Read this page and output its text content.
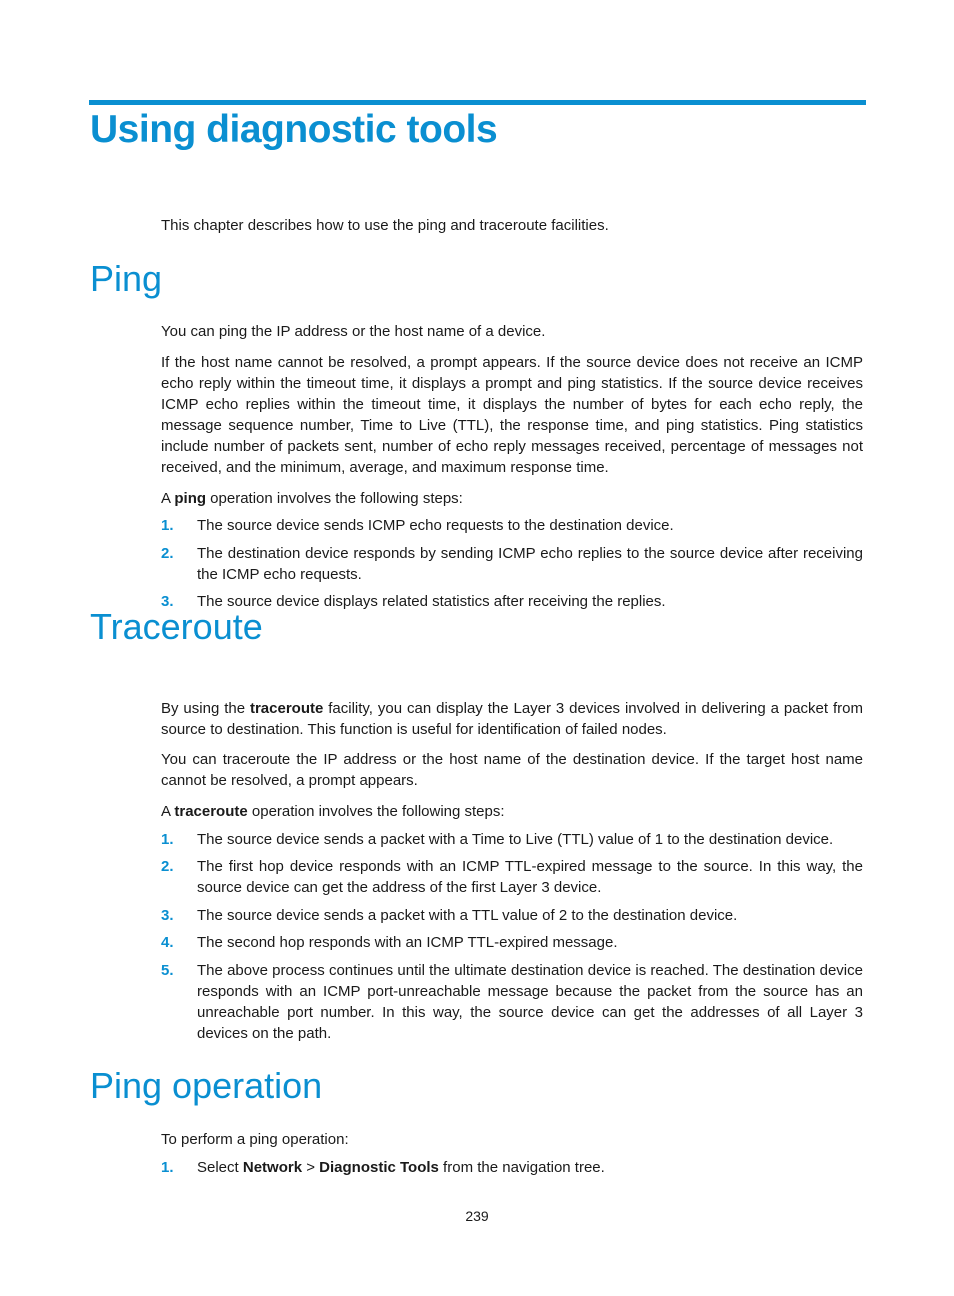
Using diagnostic tools

This chapter describes how to use the ping and traceroute facilities.

Ping

You can ping the IP address or the host name of a device.

If the host name cannot be resolved, a prompt appears. If the source device does not receive an ICMP echo reply within the timeout time, it displays a prompt and ping statistics. If the source device receives ICMP echo replies within the timeout time, it displays the number of bytes for each echo reply, the message sequence number, Time to Live (TTL), the response time, and ping statistics. Ping statistics include number of packets sent, number of echo reply messages received, percentage of messages not received, and the minimum, average, and maximum response time.

A ping operation involves the following steps:

1. The source device sends ICMP echo requests to the destination device.
2. The destination device responds by sending ICMP echo replies to the source device after receiving the ICMP echo requests.
3. The source device displays related statistics after receiving the replies.
Traceroute

By using the traceroute facility, you can display the Layer 3 devices involved in delivering a packet from source to destination. This function is useful for identification of failed nodes.

You can traceroute the IP address or the host name of the destination device. If the target host name cannot be resolved, a prompt appears.

A traceroute operation involves the following steps:

1. The source device sends a packet with a Time to Live (TTL) value of 1 to the destination device.
2. The first hop device responds with an ICMP TTL-expired message to the source. In this way, the source device can get the address of the first Layer 3 device.
3. The source device sends a packet with a TTL value of 2 to the destination device.
4. The second hop responds with an ICMP TTL-expired message.
5. The above process continues until the ultimate destination device is reached. The destination device responds with an ICMP port-unreachable message because the packet from the source has an unreachable port number. In this way, the source device can get the addresses of all Layer 3 devices on the path.
Ping operation

To perform a ping operation:

1. Select Network > Diagnostic Tools from the navigation tree.
239
